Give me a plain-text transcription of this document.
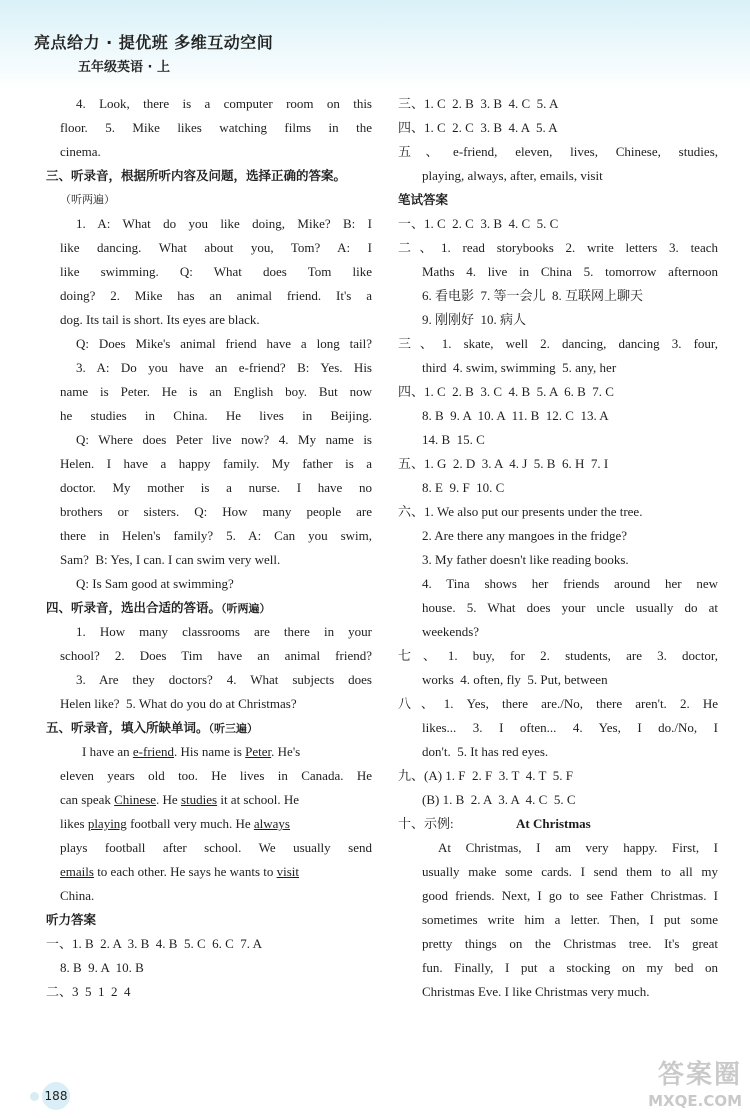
亮点给力 · 提优班 多维互动空间
五年级英语 · 上
4. Look, there is a computer room on this
floor. 5. Mike likes watching films in the
cinema.
三、听录音，根据所听内容及问题，选择正确的答案。
（听两遍）
1. A: What do you like doing, Mike? B: I
like dancing. What about you, Tom? A: I
like swimming. Q: What does Tom like
doing? 2. Mike has an animal friend. It's a
dog. Its tail is short. Its eyes are black.
Q: Does Mike's animal friend have a long tail?
3. A: Do you have an e-friend? B: Yes. His
name is Peter. He is an English boy. But now
he studies in China. He lives in Beijing.
Q: Where does Peter live now? 4. My name is
Helen. I have a happy family. My father is a
doctor. My mother is a nurse. I have no
brothers or sisters. Q: How many people are
there in Helen's family? 5. A: Can you swim,
Sam?  B: Yes, I can. I can swim very well.
Q: Is Sam good at swimming?
四、听录音，选出合适的答语。（听两遍）
1. How many classrooms are there in your
school? 2. Does Tim have an animal friend?
3. Are they doctors? 4. What subjects does
Helen like?  5. What do you do at Christmas?
五、听录音，填入所缺单词。（听三遍）
I have an e-friend. His name is Peter. He's
eleven years old too. He lives in Canada. He
can speak Chinese. He studies it at school. He
likes playing football very much. He always
plays football after school. We usually send
emails to each other. He says he wants to visit
China.
听力答案
一、1. B  2. A  3. B  4. B  5. C  6. C  7. A
8. B  9. A  10. B
二、3  5  1  2  4
三、1. C  2. B  3. B  4. C  5. A
四、1. C  2. C  3. B  4. A  5. A
五、e-friend, eleven, lives, Chinese, studies,
playing, always, after, emails, visit
笔试答案
一、1. C  2. C  3. B  4. C  5. C
二、1. read storybooks 2. write letters 3. teach
Maths 4. live in China 5. tomorrow afternoon
6. 看电影  7. 等一会儿  8. 互联网上聊天
9. 刚刚好  10. 病人
三、1. skate, well 2. dancing, dancing 3. four,
third  4. swim, swimming  5. any, her
四、1. C  2. B  3. C  4. B  5. A  6. B  7. C
8. B  9. A  10. A  11. B  12. C  13. A
14. B  15. C
五、1. G  2. D  3. A  4. J  5. B  6. H  7. I
8. E  9. F  10. C
六、1. We also put our presents under the tree.
2. Are there any mangoes in the fridge?
3. My father doesn't like reading books.
4. Tina shows her friends around her new
house. 5. What does your uncle usually do at
weekends?
七、1. buy, for 2. students, are 3. doctor,
works  4. often, fly  5. Put, between
八、1. Yes, there are./No, there aren't. 2. He
likes... 3. I often... 4. Yes, I do./No, I
don't.  5. It has red eyes.
九、(A) 1. F  2. F  3. T  4. T  5. F
(B) 1. B  2. A  3. A  4. C  5. C
十、示例:	At Christmas
At Christmas, I am very happy. First, I
usually make some cards. I send them to all my
good friends. Next, I go to see Father Christmas. I
sometimes write him a letter. Then, I put some
pretty things on the Christmas tree. It's great
fun. Finally, I put a stocking on my bed on
Christmas Eve. I like Christmas very much.
188
答案圈
MXQE.COM
